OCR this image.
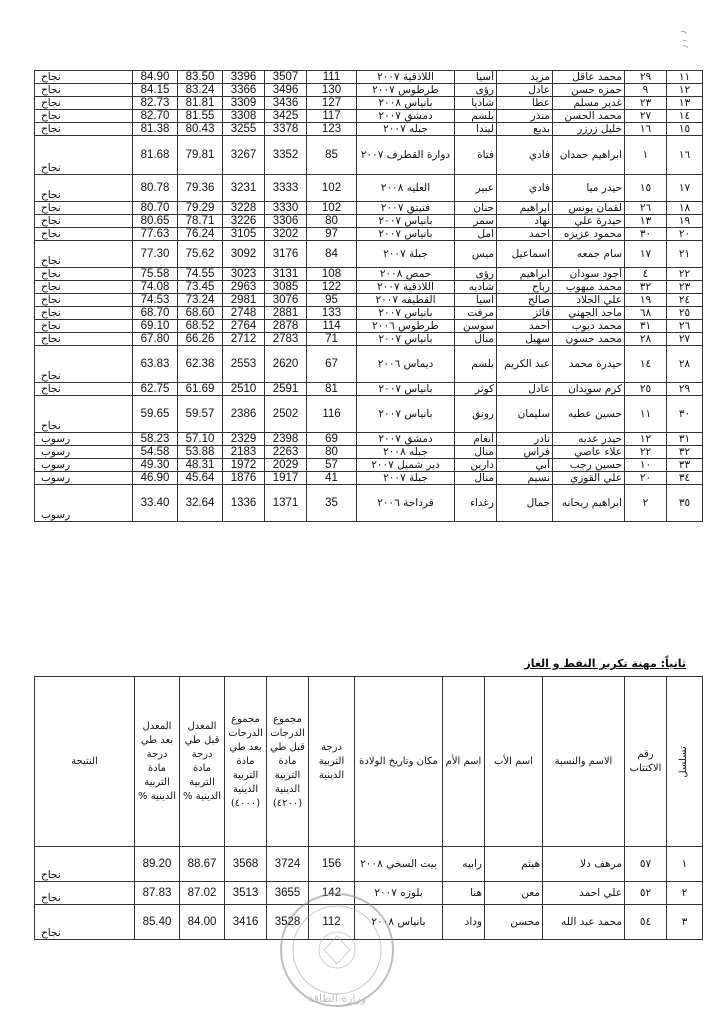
١١	٢٩	محمد عاقل	مزيد	أسيا	اللاذقية ٢٠٠٧	111	3507	3396	83.50	84.90	نجاح
١٢	٩	حمزه حسن	عادل	رؤى	طرطوس ٢٠٠٧	130	3496	3366	83.24	84.15	نجاح
١٣	٢٣	غدير مسلم	عطا	شاديا	بانياس ٢٠٠٨	127	3436	3309	81.81	82.73	نجاح
١٤	٢٧	محمد الحسن	منذر	بلسم	دمشق ٢٠٠٧	117	3425	3308	81.55	82.70	نجاح
١٥	١٦	خليل زرزر	بديع	ليندا	جبله ٢٠٠٧	123	3378	3255	80.43	81.38	نجاح
١٦	١	ابراهيم حمدان	فادي	فتاة	دوارة القطرف ٢٠٠٧	85	3352	3267	79.81	81.68	نجاح
١٧	١٥	حيدر ميا	فادي	عبير	العليه ٢٠٠٨	102	3333	3231	79.36	80.78	نجاح
١٨	٢٦	لقمان يونس	ابراهيم	حنان	فنيتق ٢٠٠٧	102	3330	3228	79.29	80.70	نجاح
١٩	١٣	حيدرة علي	نهاد	سمر	بانياس ٢٠٠٧	80	3306	3226	78.71	80.65	نجاح
٢٠	٣٠	محمود عزيزه	احمد	امل	بانياس ٢٠٠٧	97	3202	3105	76.24	77.63	نجاح
٢١	١٧	سام جمعه	اسماعيل	ميس	جبلة ٢٠٠٧	84	3176	3092	75.62	77.30	نجاح
٢٢	٤	أجود سودان	ابراهيم	رؤى	حمص ٢٠٠٨	108	3131	3023	74.55	75.58	نجاح
٢٣	٣٢	محمد ميهوب	رباح	شاديه	اللاذقية ٢٠٠٧	122	3085	2963	73.45	74.08	نجاح
٢٤	١٩	علي الجلاد	صالح	اسيا	القطيفه ٢٠٠٧	95	3076	2981	73.24	74.53	نجاح
٢٥	٦٨	ماجد الجهني	فائز	مرفت	بانياس ٢٠٠٧	133	2881	2748	68.60	68.70	نجاح
٢٦	٣١	محمد ديوب	أحمد	سوسن	طرطوس ٢٠٠٦	114	2878	2764	68.52	69.10	نجاح
٢٧	٢٨	محمد حسون	سهيل	منال	بانياس ٢٠٠٧	71	2783	2712	66.26	67.80	نجاح
٢٨	١٤	حيدرة محمد	عبد الكريم	بلسم	ديماس ٢٠٠٦	67	2620	2553	62.38	63.83	نجاح
٢٩	٢٥	كرم سويدان	عادل	كوثر	بانياس ٢٠٠٧	81	2591	2510	61.69	62.75	نجاح
٣٠	١١	حسين عطيه	سليمان	رونق	بانياس ٢٠٠٧	116	2502	2386	59.57	59.65	نجاح
٣١	١٢	حيدر عديه	نادر	أنغام	دمشق ٢٠٠٧	69	2398	2329	57.10	58.23	رسوب
٣٢	٢٢	علاء عاصي	فراس	منال	جبله ٢٠٠٨	80	2263	2183	53.88	54.58	رسوب
٣٣	١٠	حسين رجب	أبي	دارين	دير شميل ٢٠٠٧	57	2029	1972	48.31	49.30	رسوب
٣٤	٢٠	علي القوزي	نسيم	منال	جبلة ٢٠٠٧	41	1917	1876	45.64	46.90	رسوب
٣٥	٢	ابراهيم ريحانه	جمال	رغداء	قرداحة ٢٠٠٦	35	1371	1336	32.64	33.40	رسوب
ثانياً: مهنة تكرير النفط و الغاز
تسلسل	رقم الاكتتاب	الاسم والنسبة	اسم الأب	اسم الأم	مكان وتاريخ الولادة	درجة التربية الدينية	مجموع الدرجات قبل طي مادة التربية الدينية (٤٢٠٠)	مجموع الدرجات بعد طي مادة التربية الدينية (٤٠٠٠)	المعدل قبل طي درجة مادة التربية الدينية %	المعدل بعد طي درجة مادة التربية الدينية %	النتيجة
١	٥٧	مرهف دلا	هيثم	رابيه	بيت السخي ٢٠٠٨	156	3724	3568	88.67	89.20	نجاح
٢	٥٢	علي احمد	معن	هنا	بلوزه ٢٠٠٧	142	3655	3513	87.02	87.83	نجاح
٣	٥٤	محمد عبد الله	محسن	وداد	بانياس ٢٠٠٨	112	3528	3416	84.00	85.40	نجاح
وزارة الطاقة
